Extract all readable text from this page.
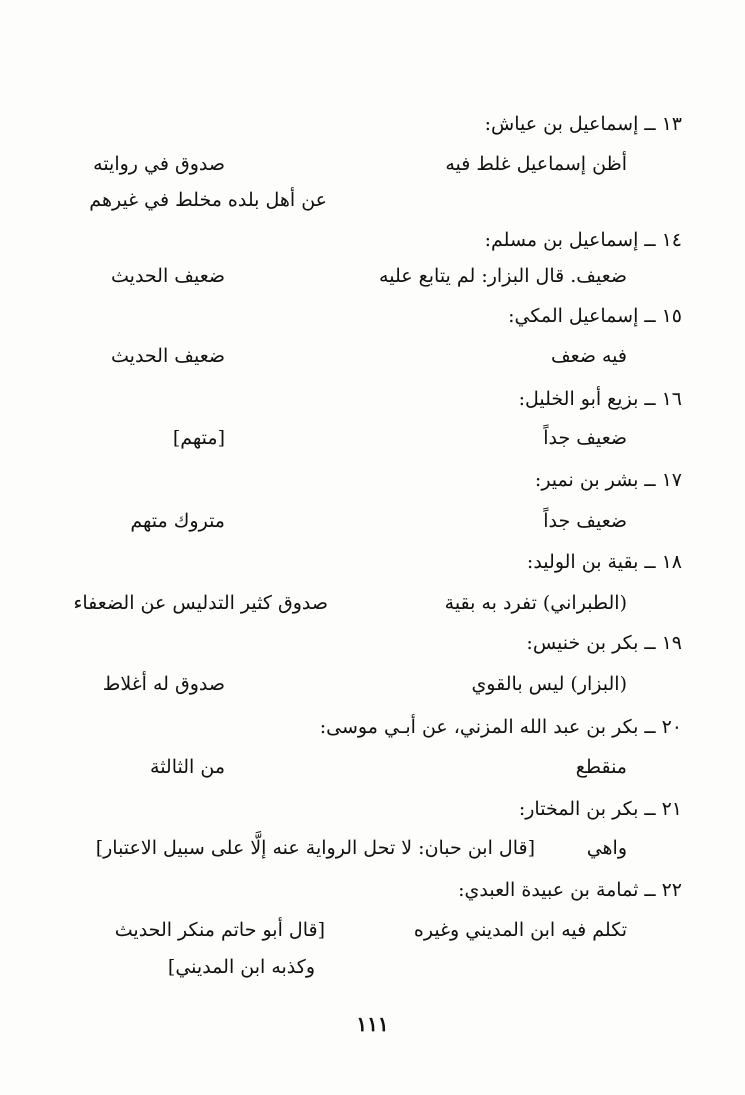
١٣ ــ إسماعيل بن عياش:
أظن إسماعيل غلط فيه
صدوق في روايته
عن أهل بلده مخلط في غيرهم
١٤ ــ إسماعيل بن مسلم:
ضعيف. قال البزار: لم يتابع عليه
ضعيف الحديث
١٥ ــ إسماعيل المكي:
فيه ضعف
ضعيف الحديث
١٦ ــ بزيع أبو الخليل:
ضعيف جداً
[متهم]
١٧ ــ بشر بن نمير:
ضعيف جداً
متروك متهم
١٨ ــ بقية بن الوليد:
(الطبراني) تفرد به بقية
صدوق كثير التدليس عن الضعفاء
١٩ ــ بكر بن خنيس:
(البزار) ليس بالقوي
صدوق له أغلاط
٢٠ ــ بكر بن عبد الله المزني، عن أبـي موسى:
منقطع
من الثالثة
٢١ ــ بكر بن المختار:
واهي
[قال ابن حبان: لا تحل الرواية عنه إلَّا على سبيل الاعتبار]
٢٢ ــ ثمامة بن عبيدة العبدي:
تكلم فيه ابن المديني وغيره
[قال أبو حاتم منكر الحديث
وكذبه ابن المديني]
١١١
